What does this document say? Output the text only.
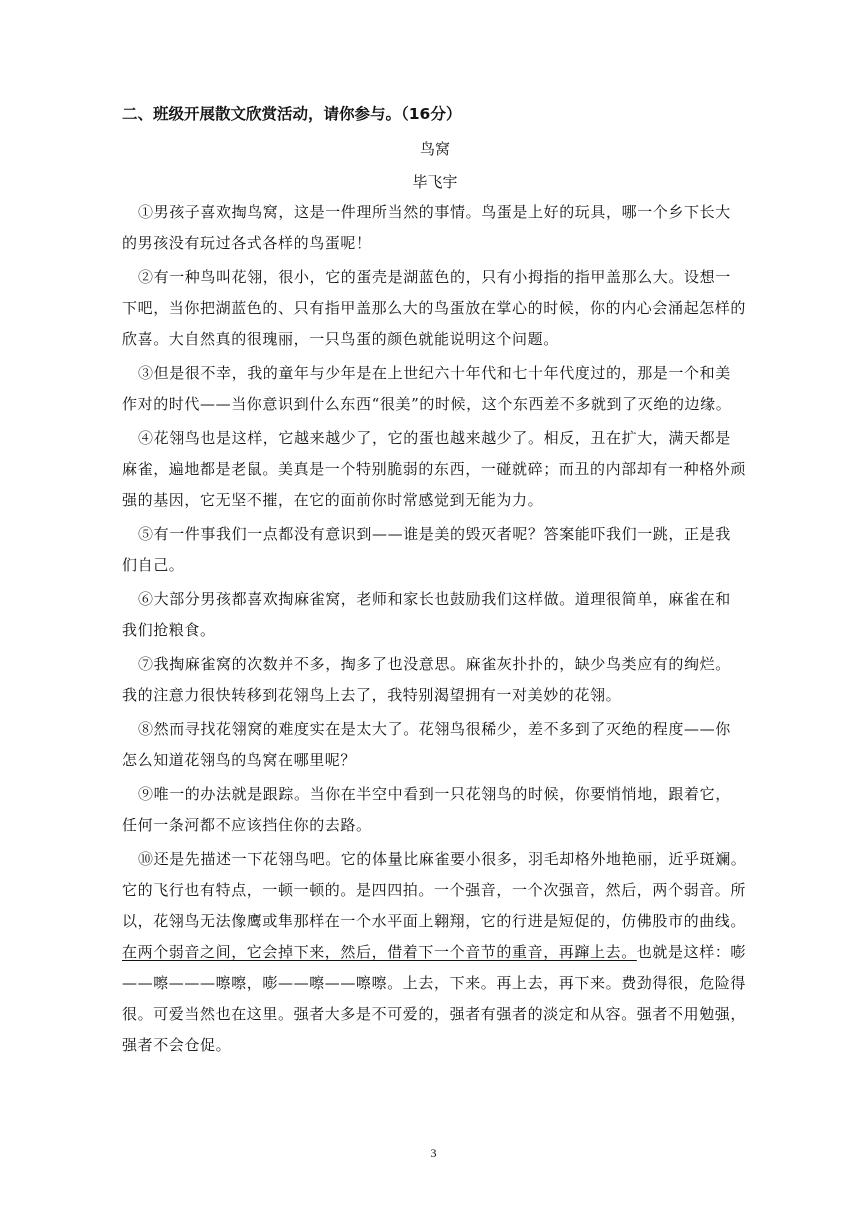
二、班级开展散文欣赏活动，请你参与。（16分）

鸟窝
毕飞宇

①男孩子喜欢掏鸟窝，这是一件理所当然的事情。鸟蛋是上好的玩具，哪一个乡下长大
的男孩没有玩过各式各样的鸟蛋呢！

②有一种鸟叫花翎，很小，它的蛋壳是湖蓝色的，只有小拇指的指甲盖那么大。设想一
下吧，当你把湖蓝色的、只有指甲盖那么大的鸟蛋放在掌心的时候，你的内心会涌起怎样的
欣喜。大自然真的很瑰丽，一只鸟蛋的颜色就能说明这个问题。

③但是很不幸，我的童年与少年是在上世纪六十年代和七十年代度过的，那是一个和美
作对的时代——当你意识到什么东西“很美”的时候，这个东西差不多就到了灭绝的边缘。

④花翎鸟也是这样，它越来越少了，它的蛋也越来越少了。相反，丑在扩大，满天都是
麻雀，遍地都是老鼠。美真是一个特别脆弱的东西，一碰就碎；而丑的内部却有一种格外顽
强的基因，它无坚不摧，在它的面前你时常感觉到无能为力。

⑤有一件事我们一点都没有意识到——谁是美的毁灭者呢？答案能吓我们一跳，正是我
们自己。

⑥大部分男孩都喜欢掏麻雀窝，老师和家长也鼓励我们这样做。道理很简单，麻雀在和
我们抢粮食。

⑦我掏麻雀窝的次数并不多，掏多了也没意思。麻雀灰扑扑的，缺少鸟类应有的绚烂。
我的注意力很快转移到花翎鸟上去了，我特别渴望拥有一对美妙的花翎。

⑧然而寻找花翎窝的难度实在是太大了。花翎鸟很稀少，差不多到了灭绝的程度——你
怎么知道花翎鸟的鸟窝在哪里呢？

⑨唯一的办法就是跟踪。当你在半空中看到一只花翎鸟的时候，你要悄悄地，跟着它，
任何一条河都不应该挡住你的去路。

⑩还是先描述一下花翎鸟吧。它的体量比麻雀要小很多，羽毛却格外地艳丽，近乎斑斓。
它的飞行也有特点，一顿一顿的。是四四拍。一个强音，一个次强音，然后，两个弱音。所
以，花翎鸟无法像鹰或隼那样在一个水平面上翱翔，它的行进是短促的，仿佛股市的曲线。
在两个弱音之间，它会掉下来，然后，借着下一个音节的重音，再蹿上去。也就是这样：嘭
——嚓———嚓嚓，嘭——嚓——嚓嚓。上去，下来。再上去，再下来。费劲得很，危险得
很。可爱当然也在这里。强者大多是不可爱的，强者有强者的淡定和从容。强者不用勉强，
强者不会仓促。

3
